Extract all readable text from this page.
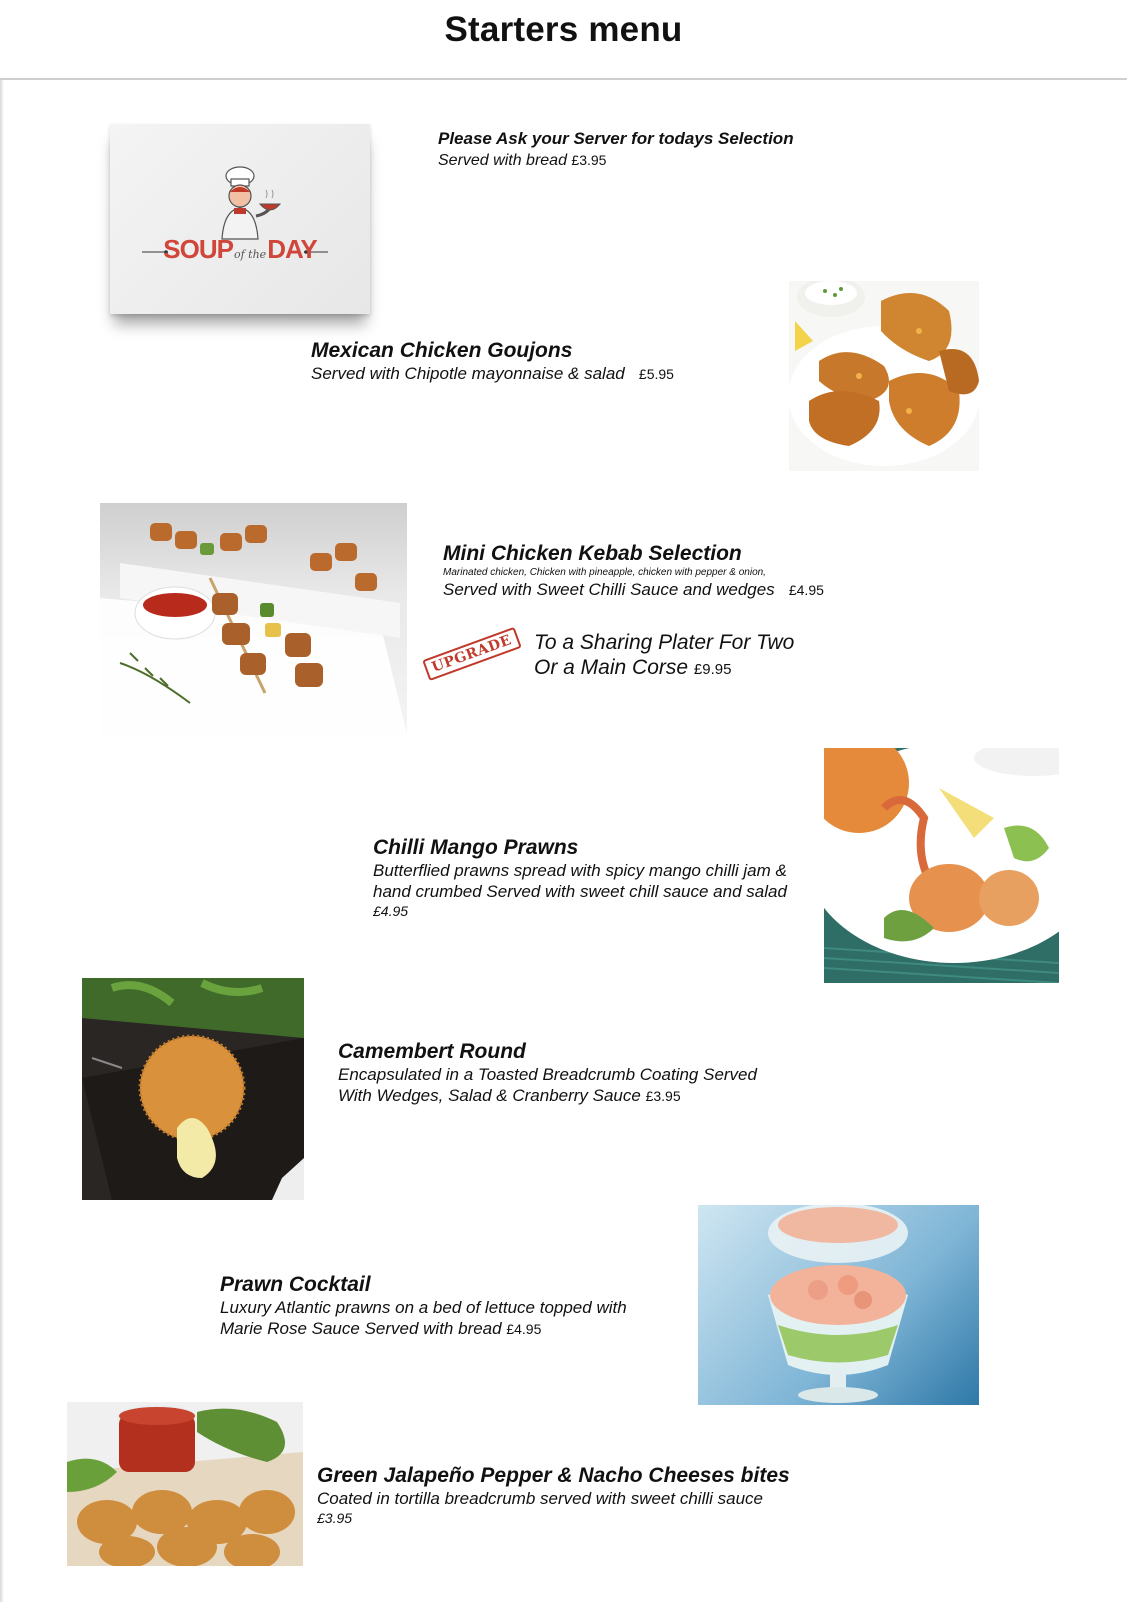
Starters menu
SOUPof theDAY
Please Ask your Server for todays Selection
Served with bread £3.95
Mexican Chicken Goujons
Served with Chipotle mayonnaise & salad £5.95
Mini Chicken Kebab Selection
Marinated chicken, Chicken with pineapple, chicken with pepper & onion,
Served with Sweet Chilli Sauce and wedges £4.95
UPGRADE To a Sharing Plater For Two
Or a Main Corse £9.95
Chilli Mango Prawns
Butterflied prawns spread with spicy mango chilli jam &
hand crumbed Served with sweet chill sauce and salad
£4.95
Camembert Round
Encapsulated in a Toasted Breadcrumb Coating Served
With Wedges, Salad & Cranberry Sauce £3.95
Prawn Cocktail
Luxury Atlantic prawns on a bed of lettuce topped with
Marie Rose Sauce Served with bread £4.95
Green Jalapeño Pepper & Nacho Cheeses bites
Coated in tortilla breadcrumb served with sweet chilli sauce
£3.95
